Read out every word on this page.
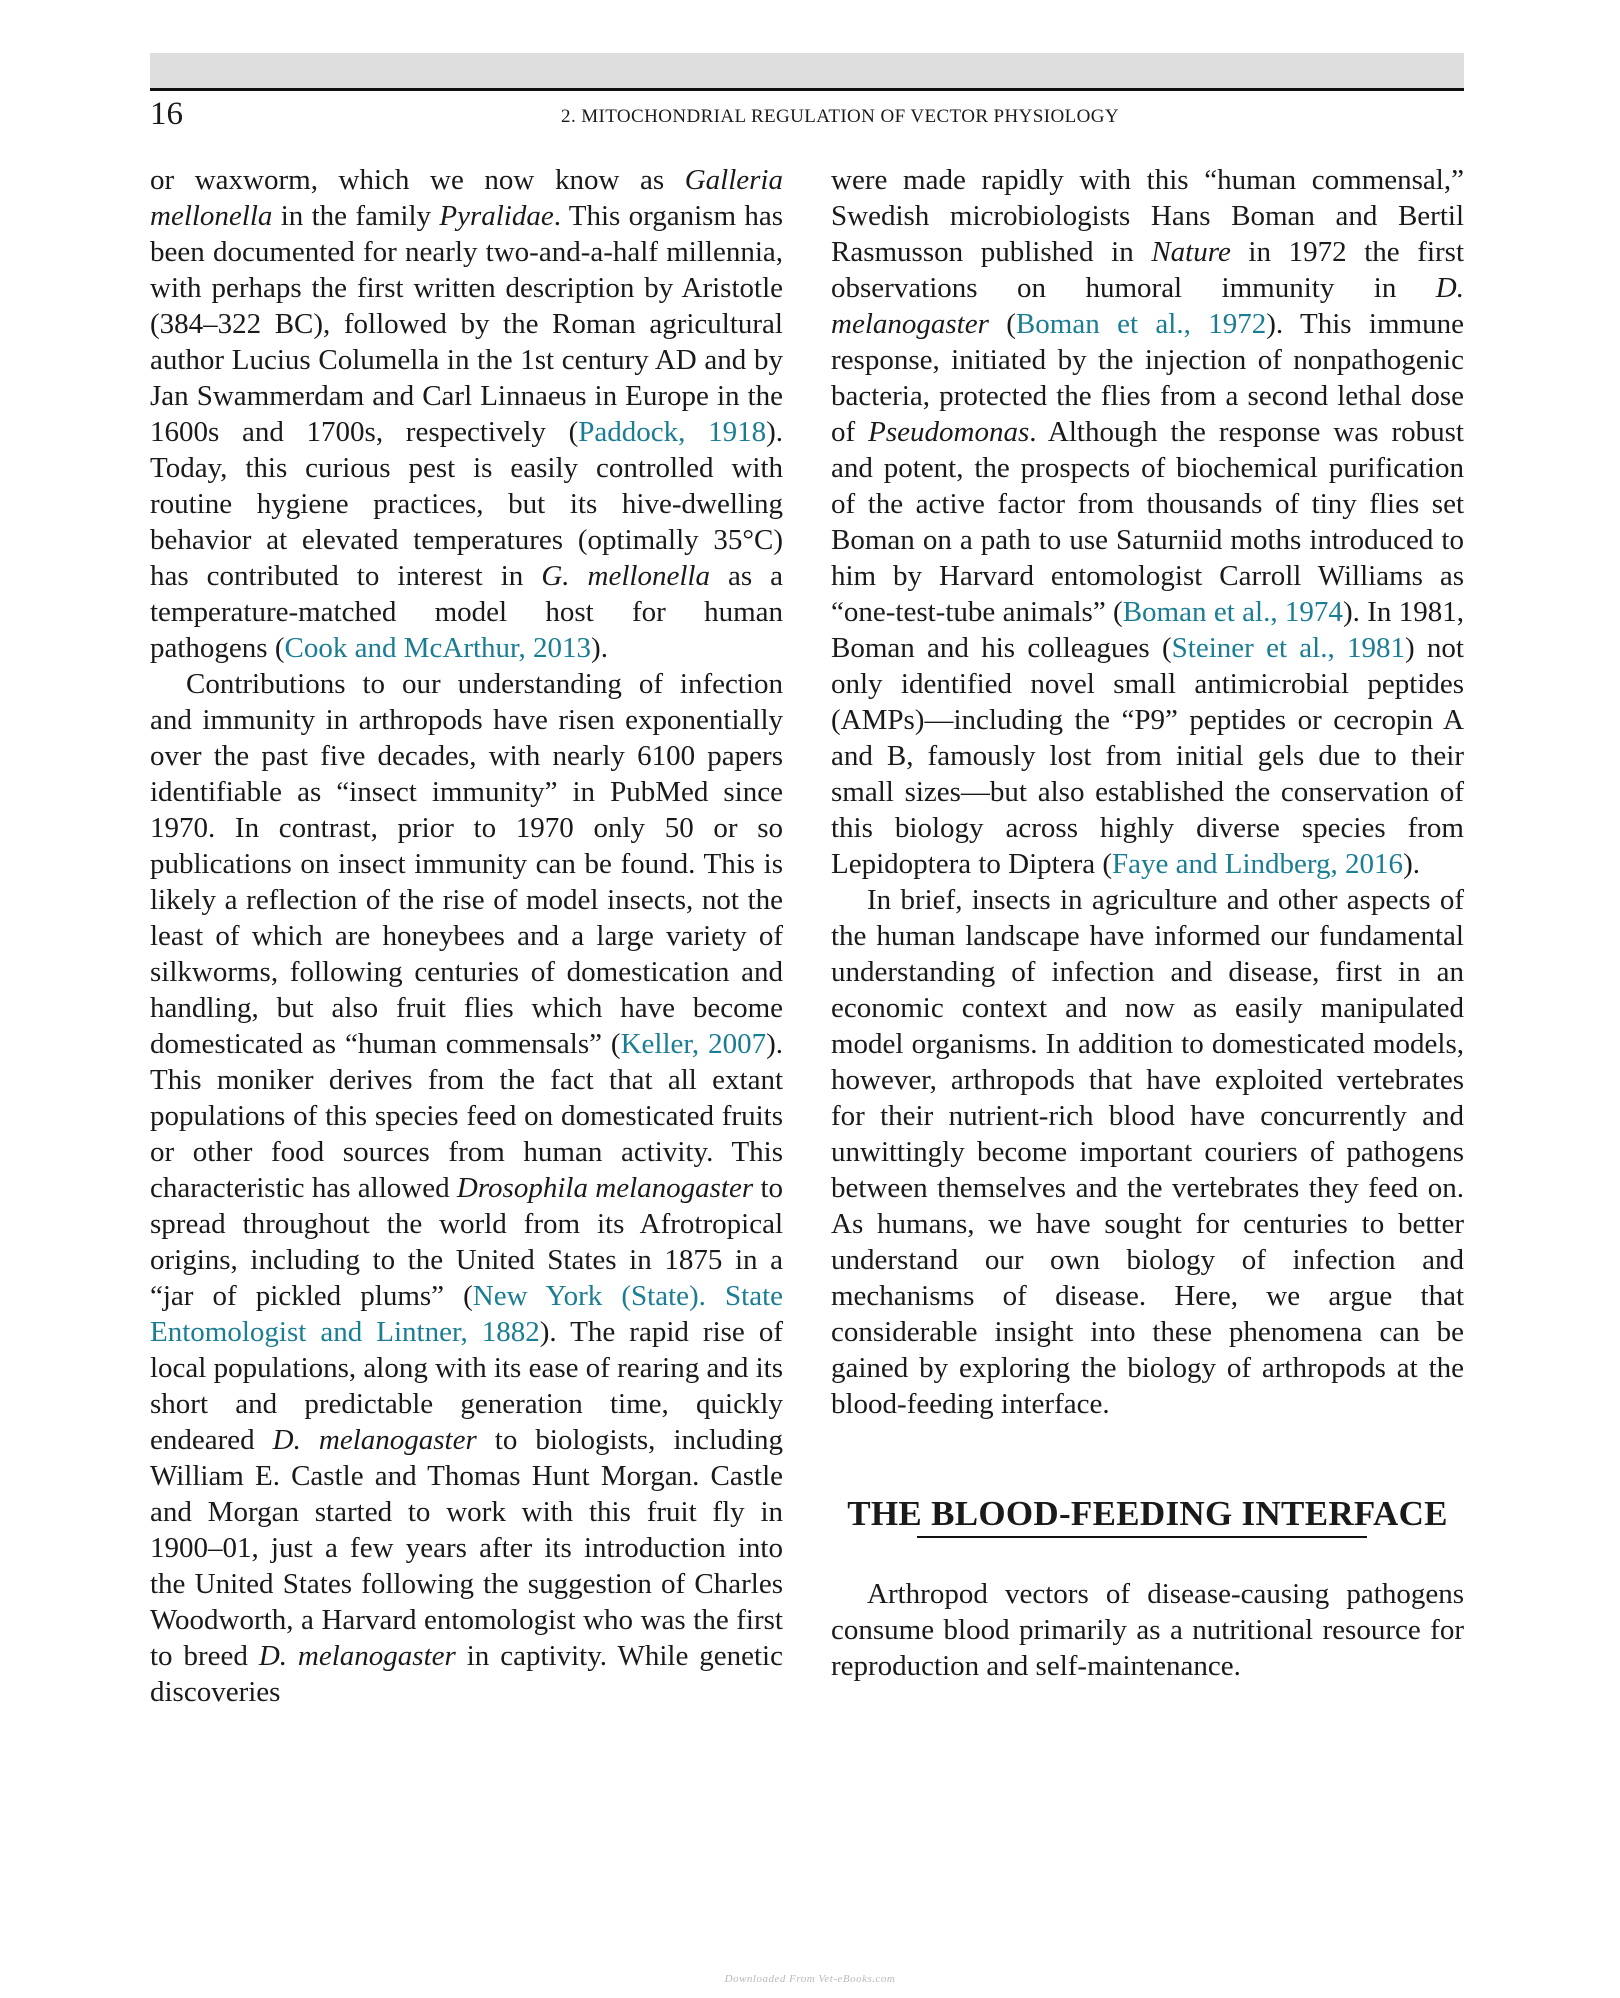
16	2. MITOCHONDRIAL REGULATION OF VECTOR PHYSIOLOGY

or waxworm, which we now know as Galleria mellonella in the family Pyralidae. This organism has been documented for nearly two-and-a-half millennia, with perhaps the first written description by Aristotle (384–322 BC), followed by the Roman agricultural author Lucius Columella in the 1st century AD and by Jan Swammerdam and Carl Linnaeus in Europe in the 1600s and 1700s, respectively (Paddock, 1918). Today, this curious pest is easily controlled with routine hygiene practices, but its hive-dwelling behavior at elevated temperatures (optimally 35°C) has contributed to interest in G. mellonella as a temperature-matched model host for human pathogens (Cook and McArthur, 2013).

Contributions to our understanding of infection and immunity in arthropods have risen exponentially over the past five decades, with nearly 6100 papers identifiable as “insect immunity” in PubMed since 1970. In contrast, prior to 1970 only 50 or so publications on insect immunity can be found. This is likely a reflection of the rise of model insects, not the least of which are honeybees and a large variety of silkworms, following centuries of domestication and handling, but also fruit flies which have become domesticated as “human commensals” (Keller, 2007). This moniker derives from the fact that all extant populations of this species feed on domesticated fruits or other food sources from human activity. This characteristic has allowed Drosophila melanogaster to spread throughout the world from its Afrotropical origins, including to the United States in 1875 in a “jar of pickled plums” (New York (State). State Entomologist and Lintner, 1882). The rapid rise of local populations, along with its ease of rearing and its short and predictable generation time, quickly endeared D. melanogaster to biologists, including William E. Castle and Thomas Hunt Morgan. Castle and Morgan started to work with this fruit fly in 1900–01, just a few years after its introduction into the United States following the suggestion of Charles Woodworth, a Harvard entomologist who was the first to breed D. melanogaster in captivity. While genetic discoveries

were made rapidly with this “human commensal,” Swedish microbiologists Hans Boman and Bertil Rasmusson published in Nature in 1972 the first observations on humoral immunity in D. melanogaster (Boman et al., 1972). This immune response, initiated by the injection of nonpathogenic bacteria, protected the flies from a second lethal dose of Pseudomonas. Although the response was robust and potent, the prospects of biochemical purification of the active factor from thousands of tiny flies set Boman on a path to use Saturniid moths introduced to him by Harvard entomologist Carroll Williams as “one-test-tube animals” (Boman et al., 1974). In 1981, Boman and his colleagues (Steiner et al., 1981) not only identified novel small antimicrobial peptides (AMPs)—including the “P9” peptides or cecropin A and B, famously lost from initial gels due to their small sizes—but also established the conservation of this biology across highly diverse species from Lepidoptera to Diptera (Faye and Lindberg, 2016).

In brief, insects in agriculture and other aspects of the human landscape have informed our fundamental understanding of infection and disease, first in an economic context and now as easily manipulated model organisms. In addition to domesticated models, however, arthropods that have exploited vertebrates for their nutrient-rich blood have concurrently and unwittingly become important couriers of pathogens between themselves and the vertebrates they feed on. As humans, we have sought for centuries to better understand our own biology of infection and mechanisms of disease. Here, we argue that considerable insight into these phenomena can be gained by exploring the biology of arthropods at the blood-feeding interface.

THE BLOOD-FEEDING INTERFACE

Arthropod vectors of disease-causing pathogens consume blood primarily as a nutritional resource for reproduction and self-maintenance.

Downloaded From Vet-eBooks.com
